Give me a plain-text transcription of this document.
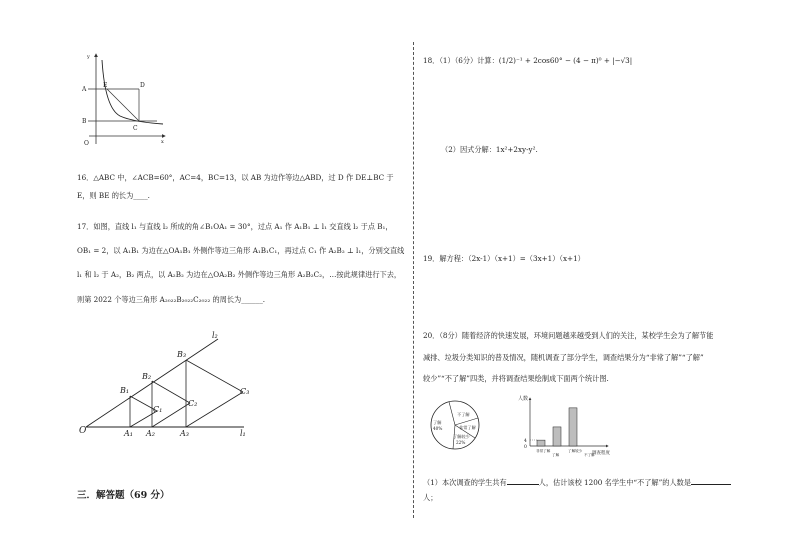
y
x
O
A
B
E	D
C
16．△ABC 中，∠ACB=60°，AC=4，BC=13，以 AB 为边作等边△ABD，过 D 作 DE⊥BC 于
E，则 BE 的长为____.
17．如图，直线 l₁ 与直线 l₂ 所成的角∠B₁OA₁ = 30°，过点 A₁ 作 A₁B₁ ⊥ l₁ 交直线 l₂ 于点 B₁，
OB₁ = 2，以 A₁B₁ 为边在△OA₁B₁ 外侧作等边三角形 A₁B₁C₁，再过点 C₁ 作 A₂B₂ ⊥ l₁，分别交直线
l₁ 和 l₂ 于 A₂，B₂ 两点，以 A₂B₂ 为边在△OA₂B₂ 外侧作等边三角形 A₂B₂C₂，…按此规律进行下去，
则第 2022 个等边三角形 A₂₀₂₂B₂₀₂₂C₂₀₂₂ 的周长为______.
O	A₁ A₂	A₃
B₁
B₂
B₃
C₁
C₂
C₃
l₁
l₂
三．解答题（69 分）
18．（1）（6分）计算：(1/2)⁻¹ + 2cos60° − (4 − π)⁰ + |−√3|
（2）因式分解：1x²+2xy-y².
19．解方程：（2x-1）（x+1）=（3x+1）（x+1）
20．（8分）随着经济的快速发展，环境问题越来越受到人们的关注，某校学生会为了解节能
减排、垃圾分类知识的普及情况，随机调查了部分学生，调查结果分为“非常了解”“了解”
较少”“不了解”四类，并将调查结果绘制成下面两个统计图.
不了解
了解
40%	非常了解
了解较少
22%
人数
调查程度
4
0
非常了解
了解
了解较少
不了解
（1）本次调查的学生共有	人，估计该校 1200 名学生中“不了解”的人数是
人；
